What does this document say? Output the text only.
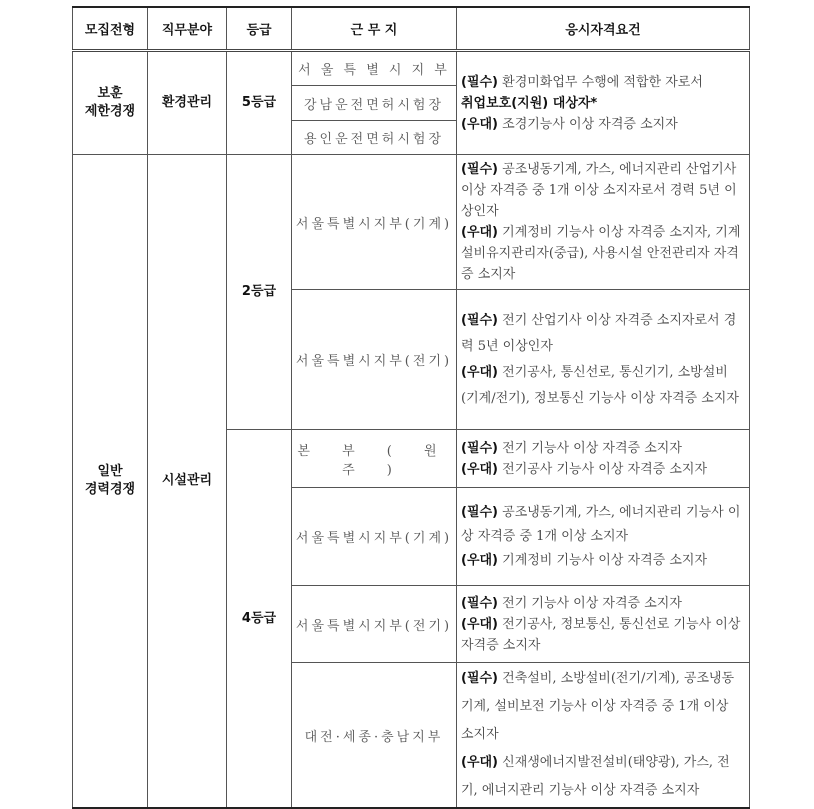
모집전형	직무분야	등급	근 무 지	응시자격요건
보훈
제한경쟁	환경관리	5등급	서 울 특 별 시 지 부	(필수) 환경미화업무 수행에 적합한 자로서
취업보호(지원) 대상자*
(우대) 조경기능사 이상 자격증 소지자
			강남운전면허시험장	
			용인운전면허시험장	
일반
경력경쟁	시설관리	2등급	서울특별시지부(기계)	(필수) 공조냉동기계, 가스, 에너지관리 산업기사 이상 자격증 중 1개 이상 소지자로서 경력 5년 이상인자
(우대) 기계정비 기능사 이상 자격증 소지자, 기계설비유지관리자(중급), 사용시설 안전관리자 자격증 소지자
			서울특별시지부(전기)	(필수) 전기 산업기사 이상 자격증 소지자로서 경력 5년 이상인자
(우대) 전기공사, 통신선로, 통신기기, 소방설비(기계/전기), 정보통신 기능사 이상 자격증 소지자
		4등급	본 부 ( 원 주 )	(필수) 전기 기능사 이상 자격증 소지자
(우대) 전기공사 기능사 이상 자격증 소지자
			서울특별시지부(기계)	(필수) 공조냉동기계, 가스, 에너지관리 기능사 이상 자격증 중 1개 이상 소지자
(우대) 기계정비 기능사 이상 자격증 소지자
			서울특별시지부(전기)	(필수) 전기 기능사 이상 자격증 소지자
(우대) 전기공사, 정보통신, 통신선로 기능사 이상 자격증 소지자
			대전·세종·충남지부	(필수) 건축설비, 소방설비(전기/기계), 공조냉동기계, 설비보전 기능사 이상 자격증 중 1개 이상 소지자
(우대) 신재생에너지발전설비(태양광), 가스, 전기, 에너지관리 기능사 이상 자격증 소지자
